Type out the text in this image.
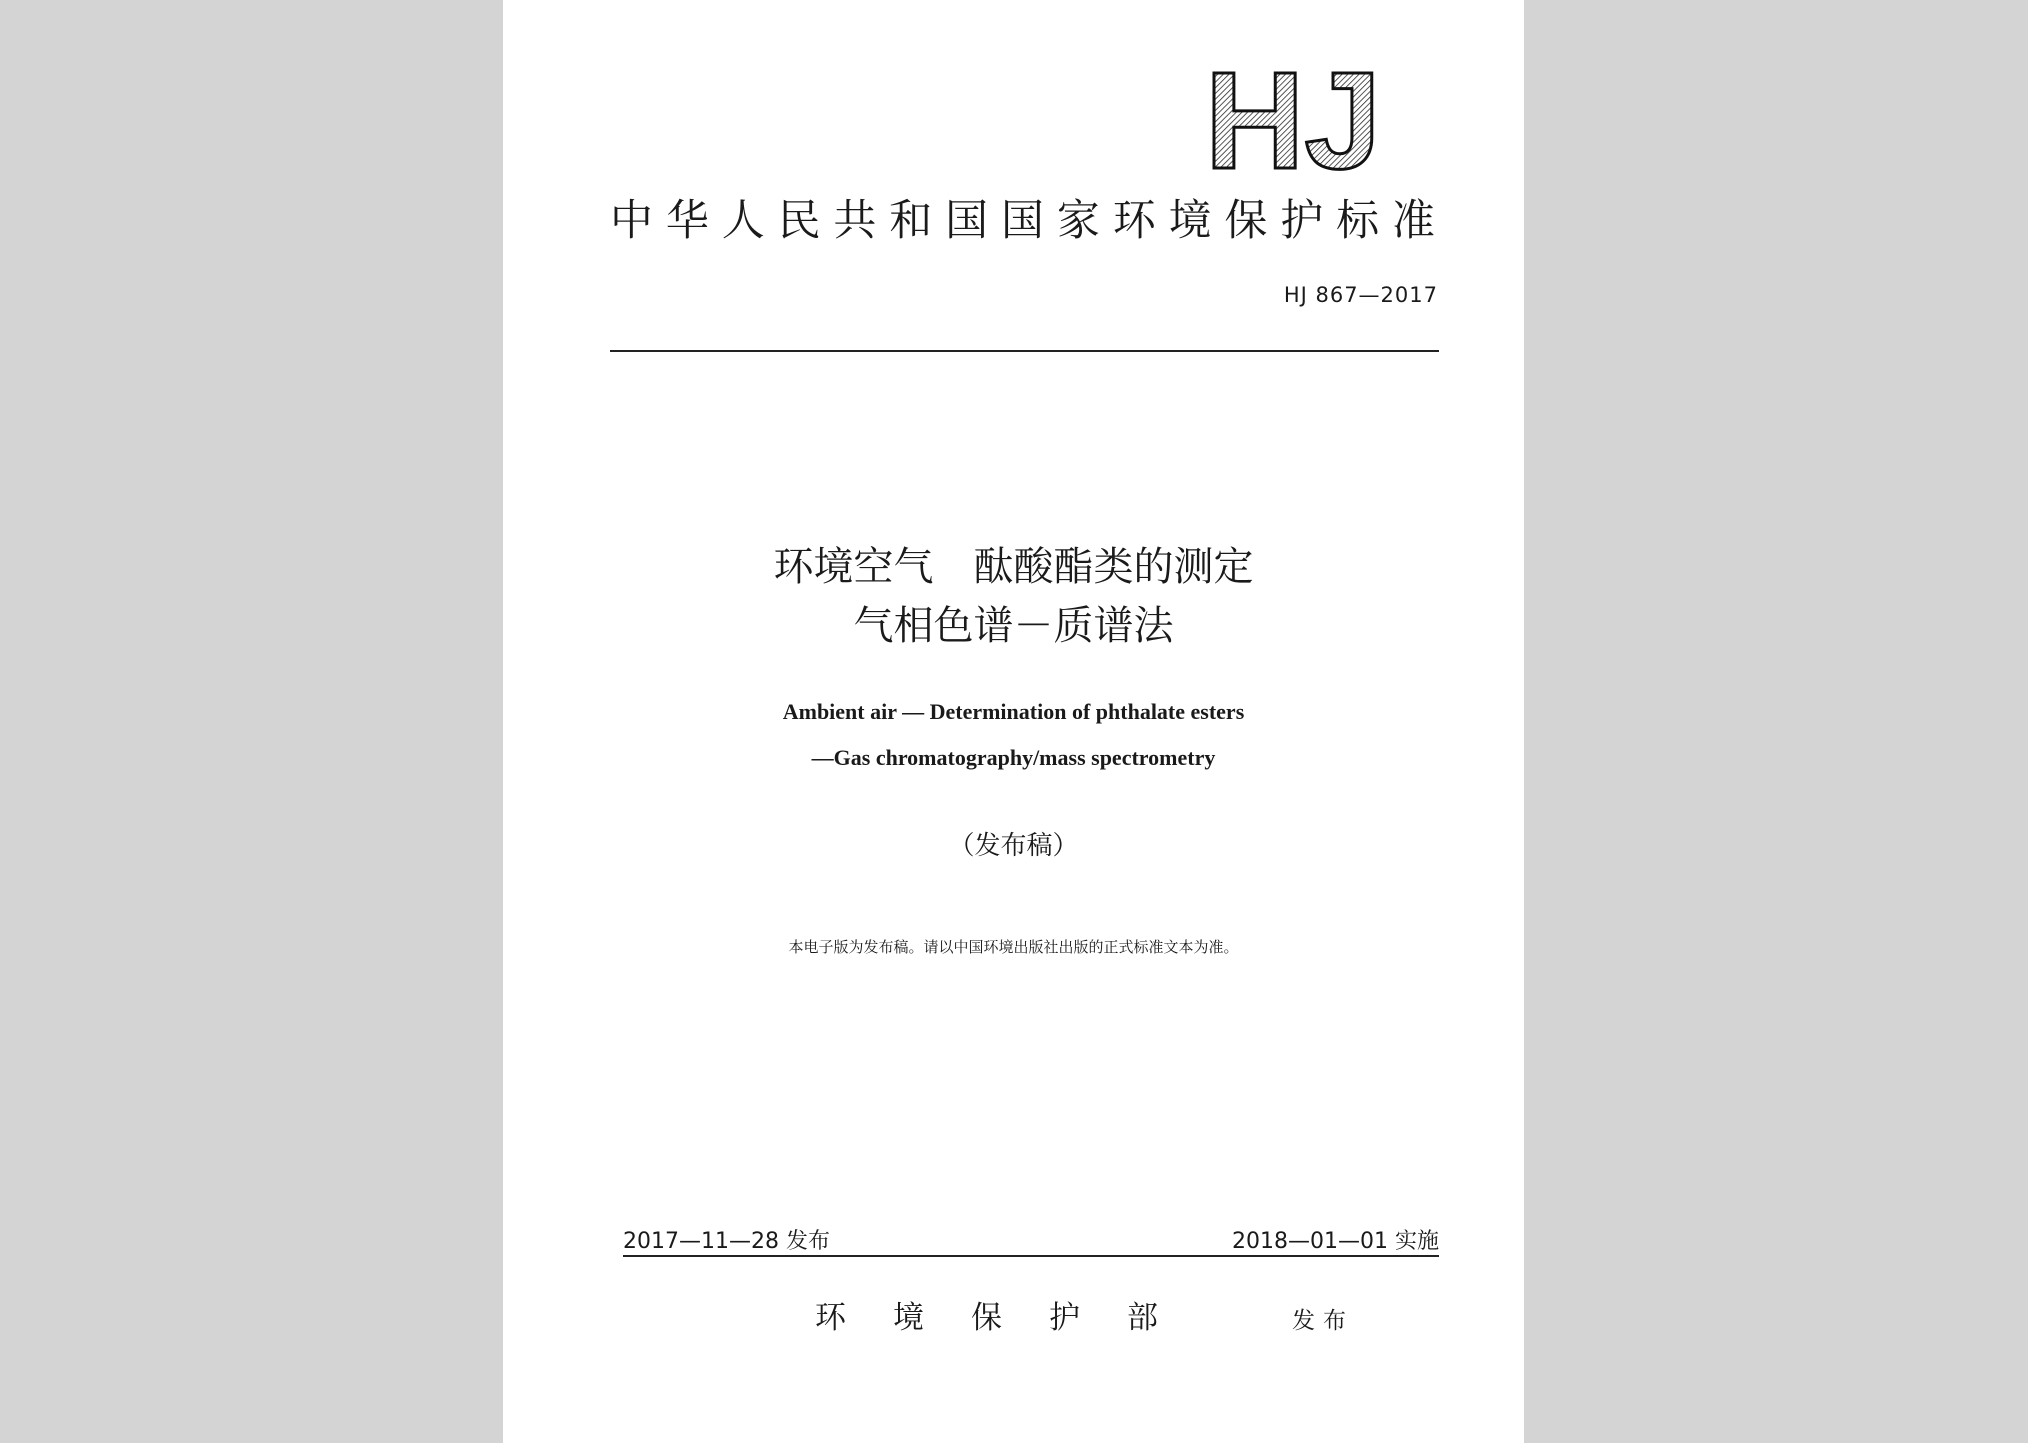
HJ
中华人民共和国国家环境保护标准
HJ 867—2017
环境空气　酞酸酯类的测定
气相色谱－质谱法
Ambient air — Determination of phthalate esters
—Gas chromatography/mass spectrometry
（发布稿）
本电子版为发布稿。请以中国环境出版社出版的正式标准文本为准。
2017—11—28 发布	2018—01—01 实施
环境保护部	发布
